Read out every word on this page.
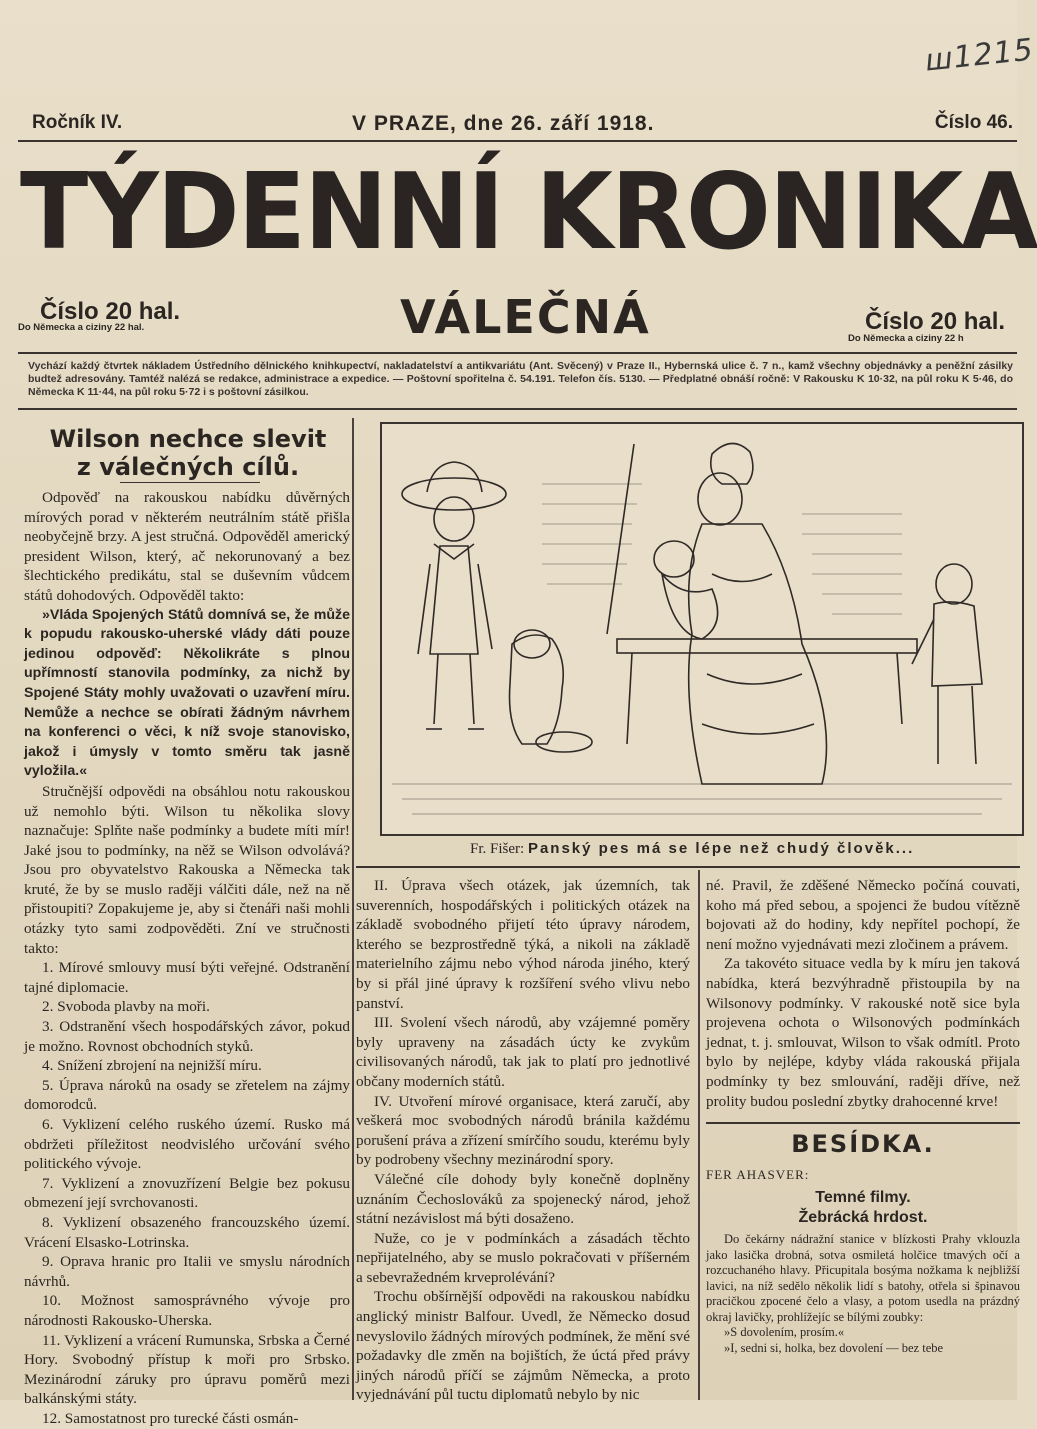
ш1215
Ročník IV.	V PRAZE, dne 26. září 1918.	Číslo 46.
TÝDENNÍ KRONIKA
Číslo 20 hal.
Do Německa a ciziny 22 hal.	VÁLEČNÁ	Číslo 20 hal.
Do Německa a ciziny 22 h
Vychází každý čtvrtek nákladem Ústředního dělnického knihkupectví, nakladatelství a antikvariátu (Ant. Svěcený) v Praze II., Hybernská ulice č. 7 n., kamž všechny objednávky a peněžní zásilky budtež adresovány. Tamtéž nalézá se redakce, administrace a expedice. — Poštovní spořitelna č. 54.191. Telefon čís. 5130. — Předplatné obnáší ročně: V Rakousku K 10·32, na půl roku K 5·46, do Německa K 11·44, na půl roku 5·72 i s poštovní zásilkou.
Wilson nechce slevit
z válečných cílů.

Odpověď na rakouskou nabídku důvěrných mírových porad v některém neutrálním státě přišla neobyčejně brzy. A jest stručná. Odpověděl americký president Wilson, který, ač nekorunovaný a bez šlechtického predikátu, stal se duševním vůdcem států dohodových. Odpověděl takto:

»Vláda Spojených Států domnívá se, že může k popudu rakousko-uherské vlády dáti pouze jedinou odpověď: Několikráte s plnou upřímností stanovila podmínky, za nichž by Spojené Státy mohly uvažovati o uzavření míru. Nemůže a nechce se obírati žádným návrhem na konferenci o věci, k níž svoje stanovisko, jakož i úmysly v tomto směru tak jasně vyložila.«

Stručnější odpovědi na obsáhlou notu rakouskou už nemohlo býti. Wilson tu několika slovy naznačuje: Splňte naše podmínky a budete míti mír! Jaké jsou to podmínky, na něž se Wilson odvolává? Jsou pro obyvatelstvo Rakouska a Německa tak kruté, že by se muslo raději válčiti dále, než na ně přistoupiti? Zopakujeme je, aby si čtenáři naši mohli otázky tyto sami zodpověděti. Zní ve stručnosti takto:

1. Mírové smlouvy musí býti veřejné. Odstranění tajné diplomacie.

2. Svoboda plavby na moři.

3. Odstranění všech hospodářských závor, pokud je možno. Rovnost obchodních styků.

4. Snížení zbrojení na nejnižší míru.

5. Úprava nároků na osady se zřetelem na zájmy domorodců.

6. Vyklizení celého ruského území. Rusko má obdržeti příležitost neodvislého určování svého politického vývoje.

7. Vyklizení a znovuzřízení Belgie bez pokusu obmezení její svrchovanosti.

8. Vyklizení obsazeného francouzského území. Vrácení Elsasko-Lotrinska.

9. Oprava hranic pro Italii ve smyslu národních návrhů.

10. Možnost samosprávného vývoje pro národnosti Rakousko-Uherska.

11. Vyklizení a vrácení Rumunska, Srbska a Černé Hory. Svobodný přístup k moři pro Srbsko. Mezinárodní záruky pro úpravu poměrů mezi balkánskými státy.

12. Samostatnost pro turecké části osmán-

Fr. Fišer: Panský pes má se lépe než chudý člověk...

II. Úprava všech otázek, jak územních, tak suverenních, hospodářských i politických otázek na základě svobodného přijetí této úpravy národem, kterého se bezprostředně týká, a nikoli na základě materielního zájmu nebo výhod národa jiného, který by si přál jiné úpravy k rozšíření svého vlivu nebo panství.

III. Svolení všech národů, aby vzájemné poměry byly upraveny na zásadách úcty ke zvykům civilisovaných národů, tak jak to platí pro jednotlivé občany moderních států.

IV. Utvoření mírové organisace, která zaručí, aby veškerá moc svobodných národů bránila každému porušení práva a zřízení smírčího soudu, kterému byly by podrobeny všechny mezinárodní spory.

Válečné cíle dohody byly konečně doplněny uznáním Čechoslováků za spojenecký národ, jehož státní nezávislost má býti dosaženo.

Nuže, co je v podmínkách a zásadách těchto nepřijatelného, aby se muslo pokračovati v příšerném a sebevražedném krveprolévání?

Trochu obšírnější odpovědi na rakouskou nabídku anglický ministr Balfour. Uvedl, že Německo dosud nevyslovilo žádných mírových podmínek, že mění své požadavky dle změn na bojištích, že úctá před právy jiných národů příčí se zájmům Německa, a proto vyjednávání půl tuctu diplomatů nebylo by nic

né. Pravil, že zděšené Německo počíná couvati, koho má před sebou, a spojenci že budou vítězně bojovati až do hodiny, kdy nepřítel pochopí, že není možno vyjednávati mezi zločinem a právem.

Za takovéto situace vedla by k míru jen taková nabídka, která bezvýhradně přistoupila by na Wilsonovy podmínky. V rakouské notě sice byla projevena ochota o Wilsonových podmínkách jednat, t. j. smlouvat, Wilson to však odmítl. Proto bylo by nejlépe, kdyby vláda rakouská přijala podmínky ty bez smlouvání, raději dříve, než prolity budou poslední zbytky drahocenné krve!

BESÍDKA.
FER AHASVER:
Temné filmy.
Žebrácká hrdost.

Do čekárny nádražní stanice v blízkosti Prahy vklouzla jako lasička drobná, sotva osmiletá holčice tmavých očí a rozcuchaného hlavy. Přicupitala bosýma nožkama k nejbližší lavici, na níž sedělo několik lidí s batohy, otřela si špinavou pracičkou zpocené čelo a vlasy, a potom usedla na prázdný okraj lavičky, prohlížejíc se bílými zoubky:

»S dovolením, prosím.«

»I, sedni si, holka, bez dovolení — bez tebe
